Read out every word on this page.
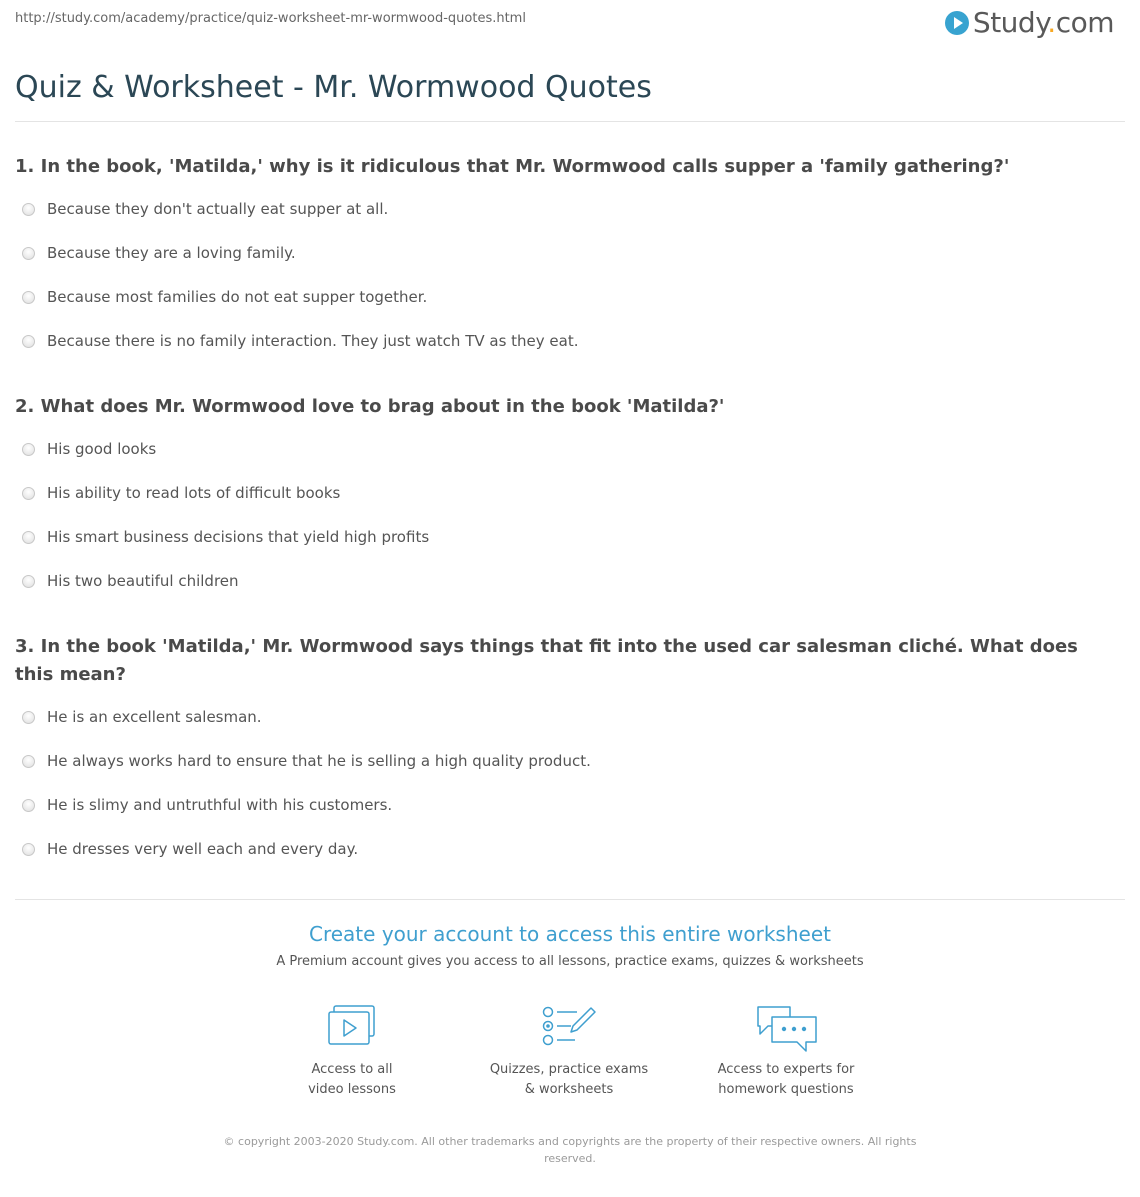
http://study.com/academy/practice/quiz-worksheet-mr-wormwood-quotes.html	Study.com
Quiz & Worksheet - Mr. Wormwood Quotes
1. In the book, 'Matilda,' why is it ridiculous that Mr. Wormwood calls supper a 'family gathering?'
Because they don't actually eat supper at all.
Because they are a loving family.
Because most families do not eat supper together.
Because there is no family interaction. They just watch TV as they eat.
2. What does Mr. Wormwood love to brag about in the book 'Matilda?'
His good looks
His ability to read lots of difficult books
His smart business decisions that yield high profits
His two beautiful children
3. In the book 'Matilda,' Mr. Wormwood says things that fit into the used car salesman cliché. What does this mean?
He is an excellent salesman.
He always works hard to ensure that he is selling a high quality product.
He is slimy and untruthful with his customers.
He dresses very well each and every day.
Create your account to access this entire worksheet
A Premium account gives you access to all lessons, practice exams, quizzes & worksheets
Access to all
video lessons
Quizzes, practice exams
& worksheets
Access to experts for
homework questions
© copyright 2003-2020 Study.com. All other trademarks and copyrights are the property of their respective owners. All rights
reserved.
